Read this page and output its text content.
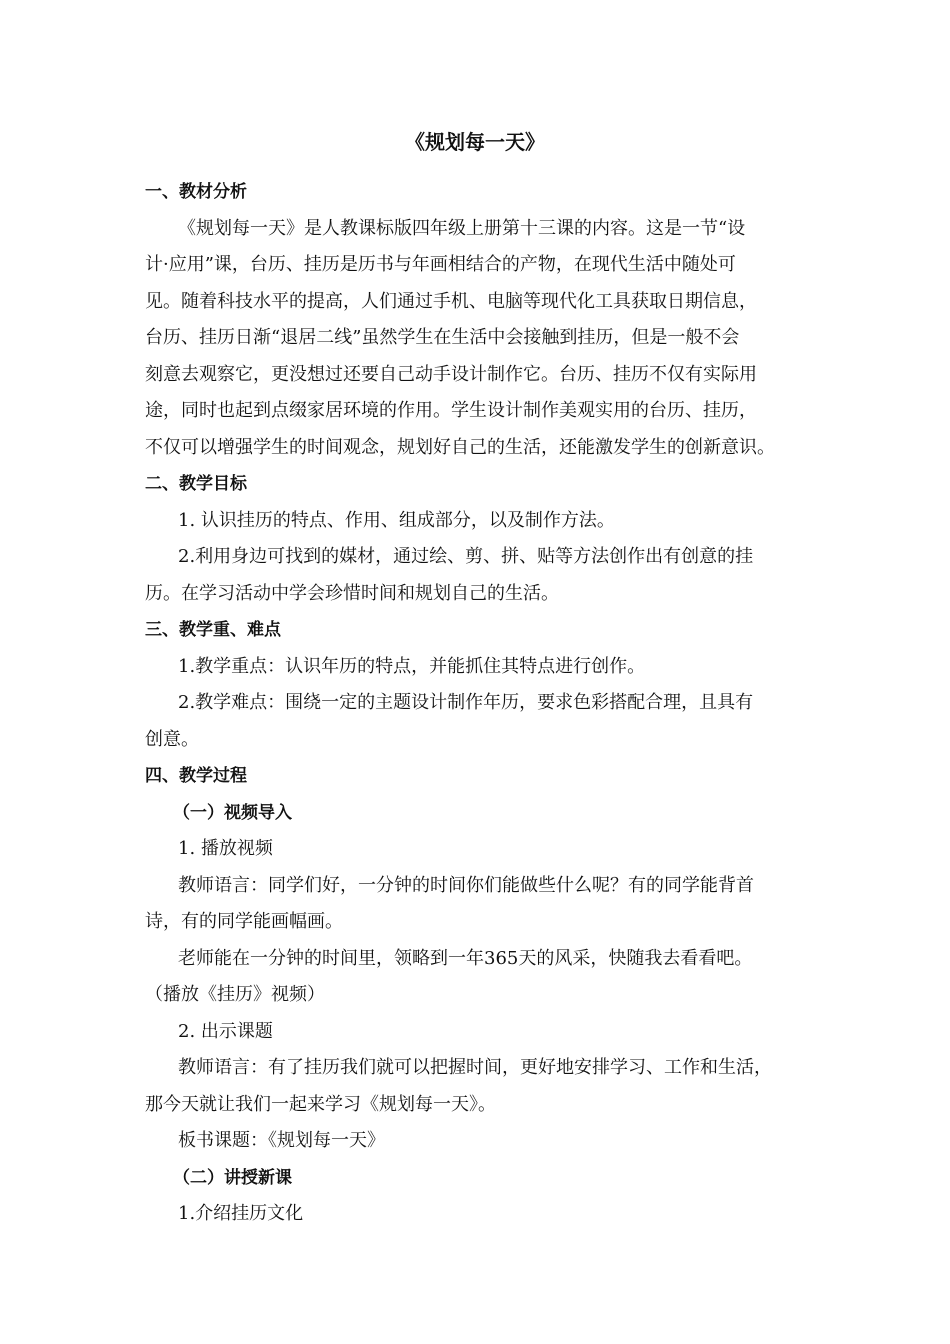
《规划每一天》

一、教材分析

《规划每一天》是人教课标版四年级上册第十三课的内容。这是一节“设

计·应用”课，台历、挂历是历书与年画相结合的产物，在现代生活中随处可

见。随着科技水平的提高，人们通过手机、电脑等现代化工具获取日期信息，

台历、挂历日渐“退居二线”虽然学生在生活中会接触到挂历，但是一般不会

刻意去观察它，更没想过还要自己动手设计制作它。台历、挂历不仅有实际用

途，同时也起到点缀家居环境的作用。学生设计制作美观实用的台历、挂历，

不仅可以增强学生的时间观念，规划好自己的生活，还能激发学生的创新意识。

二、教学目标

1. 认识挂历的特点、作用、组成部分，以及制作方法。

2.利用身边可找到的媒材，通过绘、剪、拼、贴等方法创作出有创意的挂

历。在学习活动中学会珍惜时间和规划自己的生活。

三、教学重、难点

1.教学重点：认识年历的特点，并能抓住其特点进行创作。

2.教学难点：围绕一定的主题设计制作年历，要求色彩搭配合理，且具有

创意。

四、教学过程

（一）视频导入

1. 播放视频

教师语言：同学们好，一分钟的时间你们能做些什么呢？有的同学能背首

诗，有的同学能画幅画。

老师能在一分钟的时间里，领略到一年365天的风采，快随我去看看吧。

（播放《挂历》视频）

2. 出示课题

教师语言：有了挂历我们就可以把握时间，更好地安排学习、工作和生活，

那今天就让我们一起来学习《规划每一天》。

板书课题：《规划每一天》

（二）讲授新课

1.介绍挂历文化
